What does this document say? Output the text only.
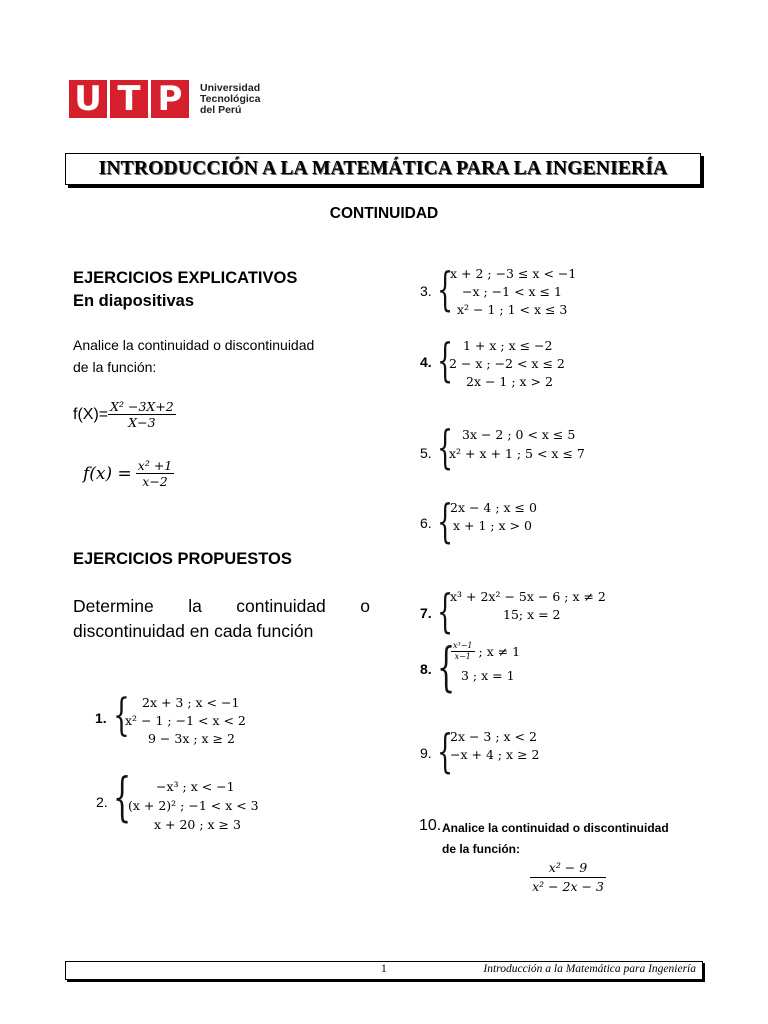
U T P	Universidad
Tecnológica
del Perú
INTRODUCCIÓN A LA MATEMÁTICA PARA LA INGENIERÍA
CONTINUIDAD
EJERCICIOS EXPLICATIVOS
En diapositivas
Analice la continuidad o discontinuidad
de la función:
$f(X)= \frac{\text{X² −3X+2}}{X-3}$
$f(x) = \frac{\text{x² +1}}{x-2}$
EJERCICIOS PROPUESTOS
Determine la continuidad o
discontinuidad en cada función
1. { 2x + 3 ; x < −1
x² − 1 ; −1 < x < 2
9 − 3x ; x ≥ 2
2. { −x³ ; x < −1
(x + 2)² ; −1 < x < 3
x + 20 ; x ≥ 3
3. {
x + 2 ; −3 ≤ x < −1
−x ; −1 < x ≤ 1
x² − 1 ; 1 < x ≤ 3
4. { 1 + x ; x ≤ −2
2 − x ; −2 < x ≤ 2
2x − 1 ; x > 2
5. { 3x − 2 ; 0 < x ≤ 5
x² + x + 1 ; 5 < x ≤ 7
6. {
2x − 4 ; x ≤ 0
x + 1 ; x > 0
7. {
x³ + 2x² − 5x − 6 ; x ≠ 2
15; x = 2
8. {
$\frac{\text{x³−1}}{x-1}$ ; x ≠ 1
3 ; x = 1
9. {
2x − 3 ; x < 2
−x + 4 ; x ≥ 2
10. Analice la continuidad o discontinuidad
de la función:
$\frac{\text{x² − 9}}{\text{x² − 2x − 3}}$
1	Introducción a la Matemática para Ingeniería
